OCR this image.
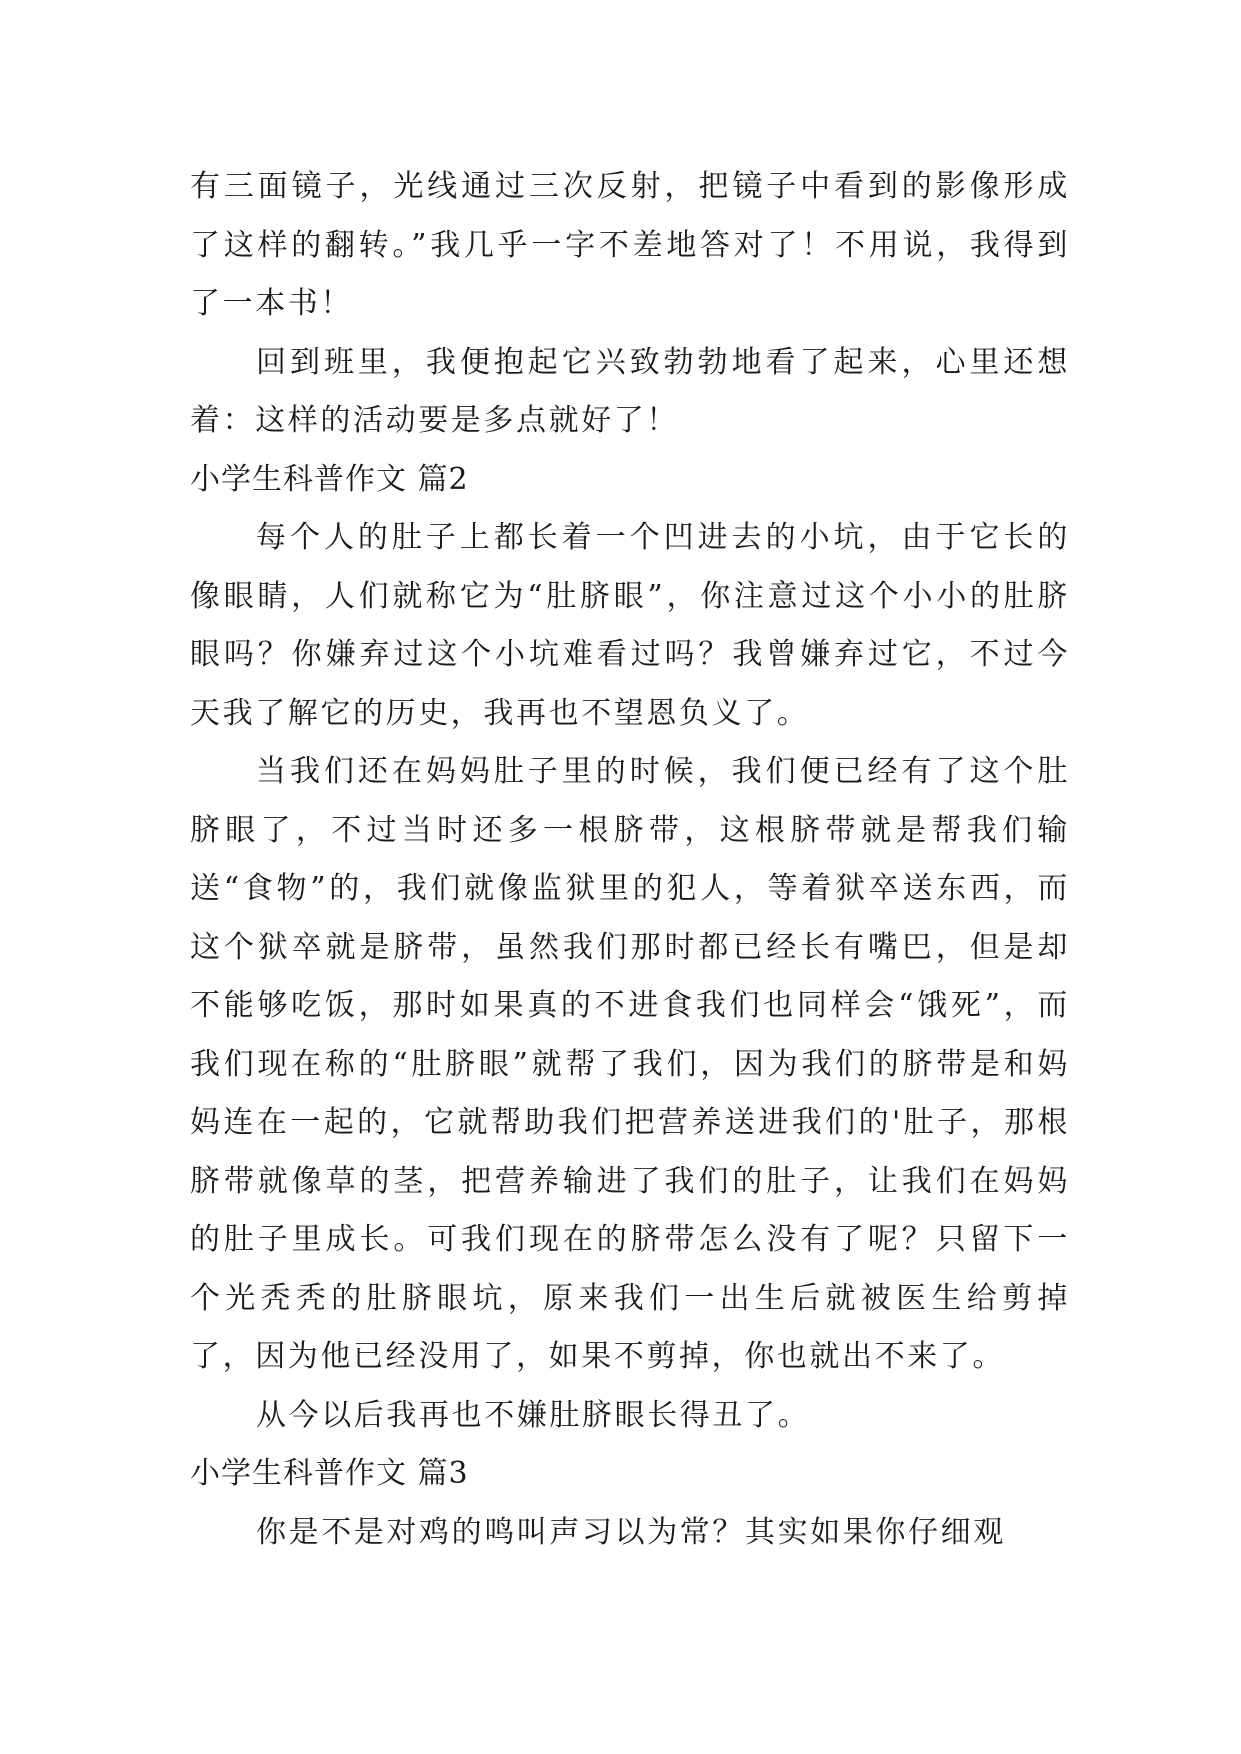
有三面镜子，光线通过三次反射，把镜子中看到的影像形成了这样的翻转。”我几乎一字不差地答对了！不用说，我得到了一本书！

回到班里，我便抱起它兴致勃勃地看了起来，心里还想着：这样的活动要是多点就好了！

小学生科普作文 篇2

每个人的肚子上都长着一个凹进去的小坑，由于它长的像眼睛，人们就称它为“肚脐眼”，你注意过这个小小的肚脐眼吗？你嫌弃过这个小坑难看过吗？我曾嫌弃过它，不过今天我了解它的历史，我再也不望恩负义了。

当我们还在妈妈肚子里的时候，我们便已经有了这个肚脐眼了，不过当时还多一根脐带，这根脐带就是帮我们输送“食物”的，我们就像监狱里的犯人，等着狱卒送东西，而这个狱卒就是脐带，虽然我们那时都已经长有嘴巴，但是却不能够吃饭，那时如果真的不进食我们也同样会“饿死”，而我们现在称的“肚脐眼”就帮了我们，因为我们的脐带是和妈妈连在一起的，它就帮助我们把营养送进我们的'肚子，那根脐带就像草的茎，把营养输进了我们的肚子，让我们在妈妈的肚子里成长。可我们现在的脐带怎么没有了呢？只留下一个光秃秃的肚脐眼坑，原来我们一出生后就被医生给剪掉了，因为他已经没用了，如果不剪掉，你也就出不来了。

从今以后我再也不嫌肚脐眼长得丑了。

小学生科普作文 篇3

你是不是对鸡的鸣叫声习以为常？其实如果你仔细观
